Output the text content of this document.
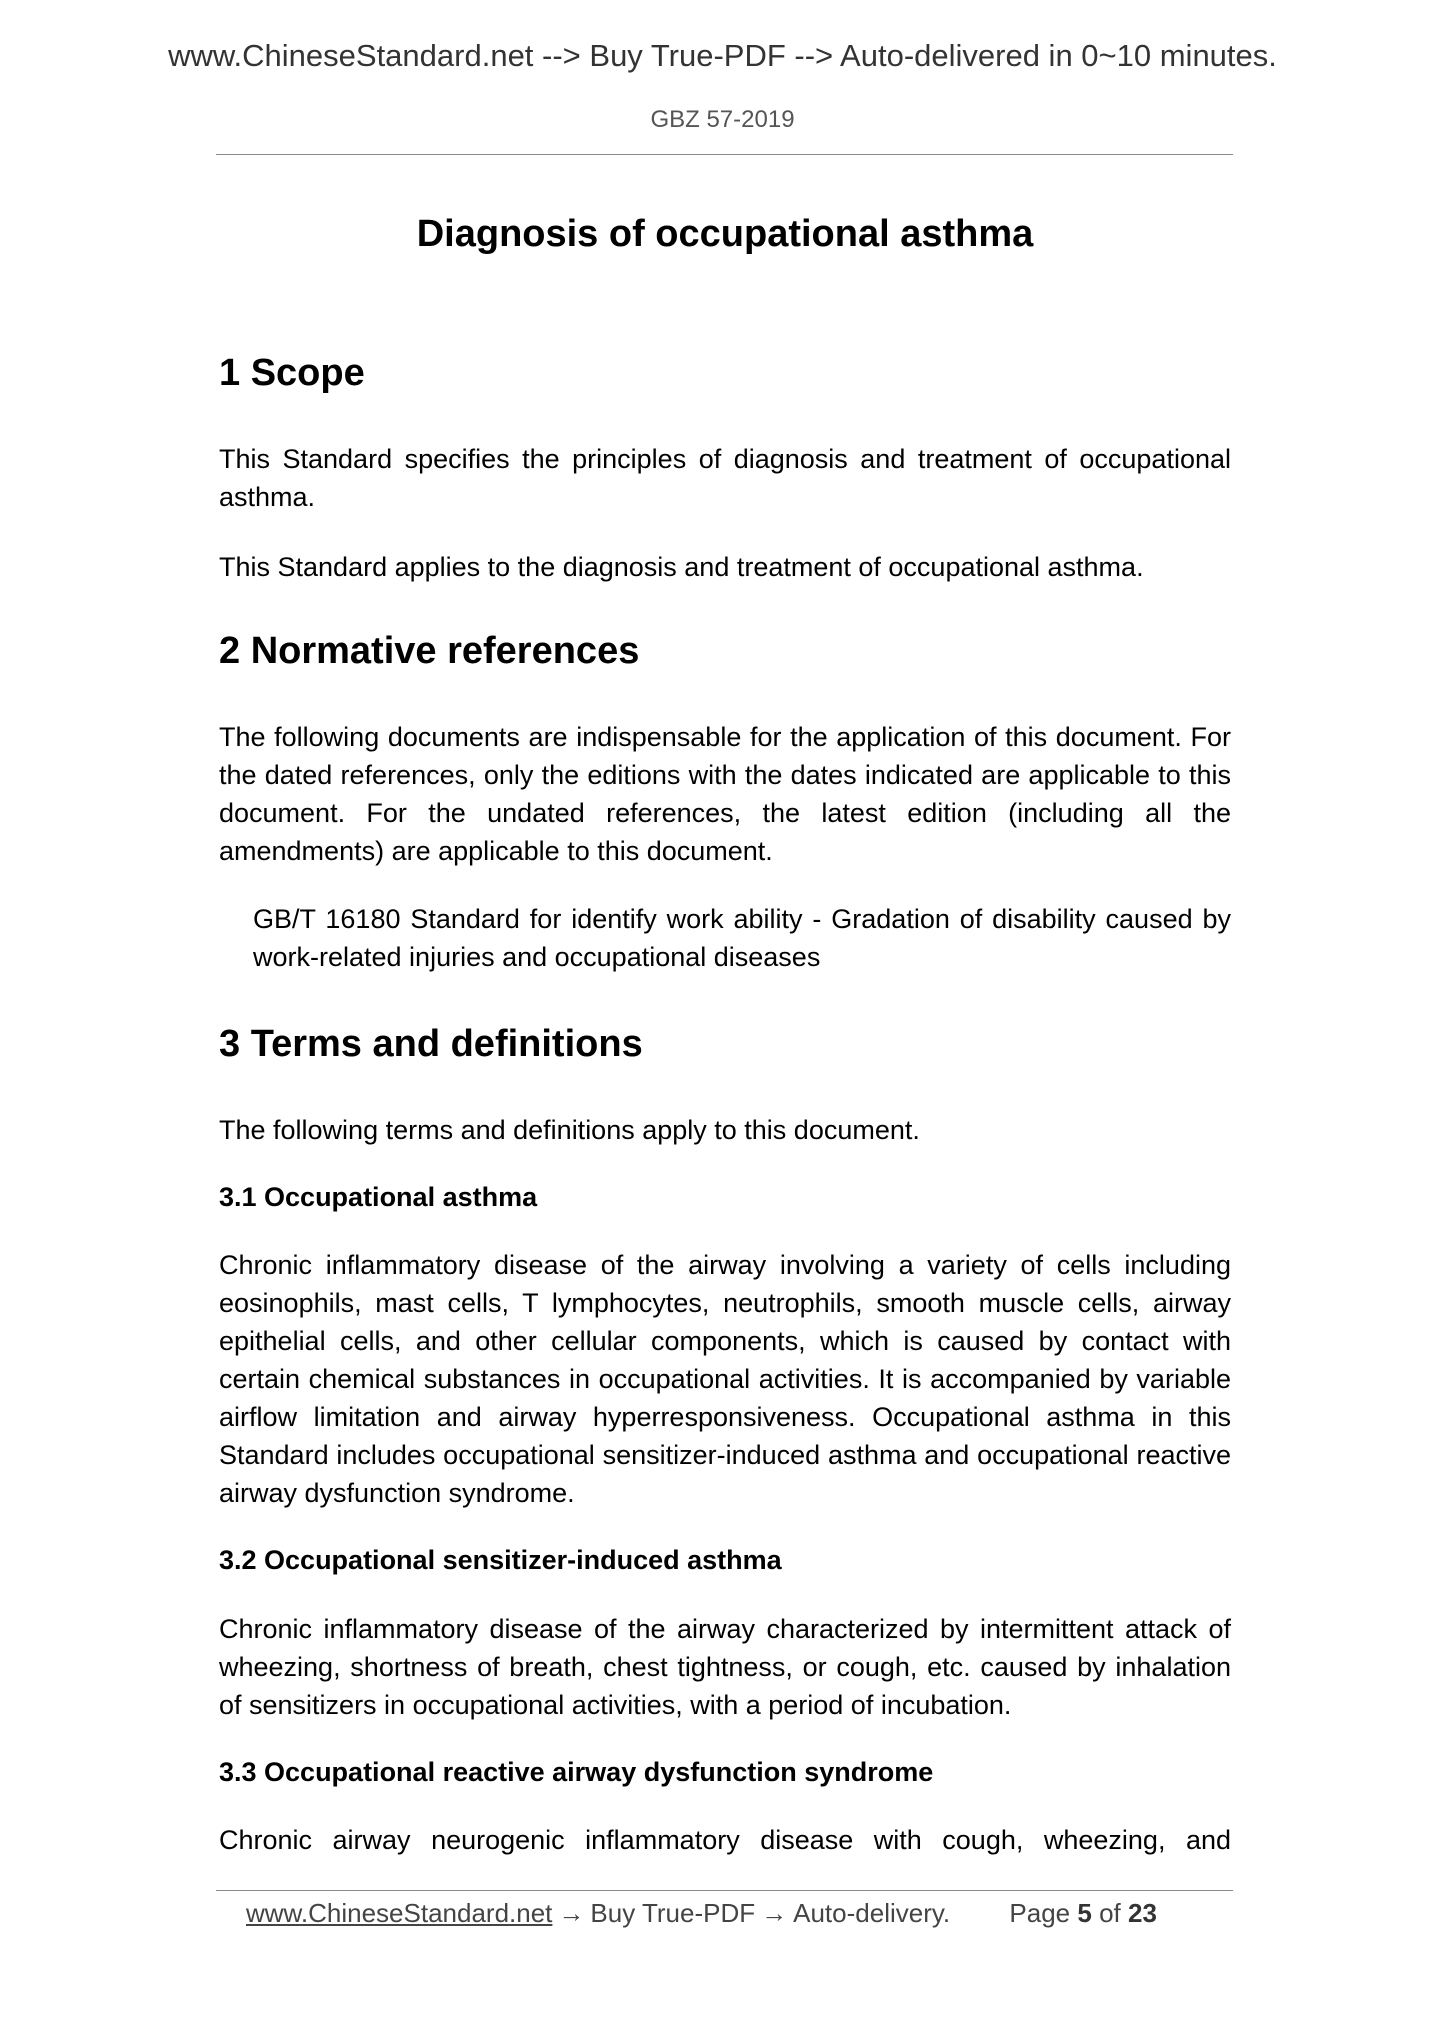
www.ChineseStandard.net --> Buy True-PDF --> Auto-delivered in 0~10 minutes.
GBZ 57-2019
Diagnosis of occupational asthma
1 Scope
This Standard specifies the principles of diagnosis and treatment of occupational asthma.
This Standard applies to the diagnosis and treatment of occupational asthma.
2 Normative references
The following documents are indispensable for the application of this document. For the dated references, only the editions with the dates indicated are applicable to this document. For the undated references, the latest edition (including all the amendments) are applicable to this document.
GB/T 16180 Standard for identify work ability - Gradation of disability caused by work-related injuries and occupational diseases
3 Terms and definitions
The following terms and definitions apply to this document.
3.1 Occupational asthma
Chronic inflammatory disease of the airway involving a variety of cells including eosinophils, mast cells, T lymphocytes, neutrophils, smooth muscle cells, airway epithelial cells, and other cellular components, which is caused by contact with certain chemical substances in occupational activities. It is accompanied by variable airflow limitation and airway hyperresponsiveness. Occupational asthma in this Standard includes occupational sensitizer-induced asthma and occupational reactive airway dysfunction syndrome.
3.2 Occupational sensitizer-induced asthma
Chronic inflammatory disease of the airway characterized by intermittent attack of wheezing, shortness of breath, chest tightness, or cough, etc. caused by inhalation of sensitizers in occupational activities, with a period of incubation.
3.3 Occupational reactive airway dysfunction syndrome
Chronic airway neurogenic inflammatory disease with cough, wheezing, and
www.ChineseStandard.net → Buy True-PDF → Auto-delivery. Page 5 of 23
